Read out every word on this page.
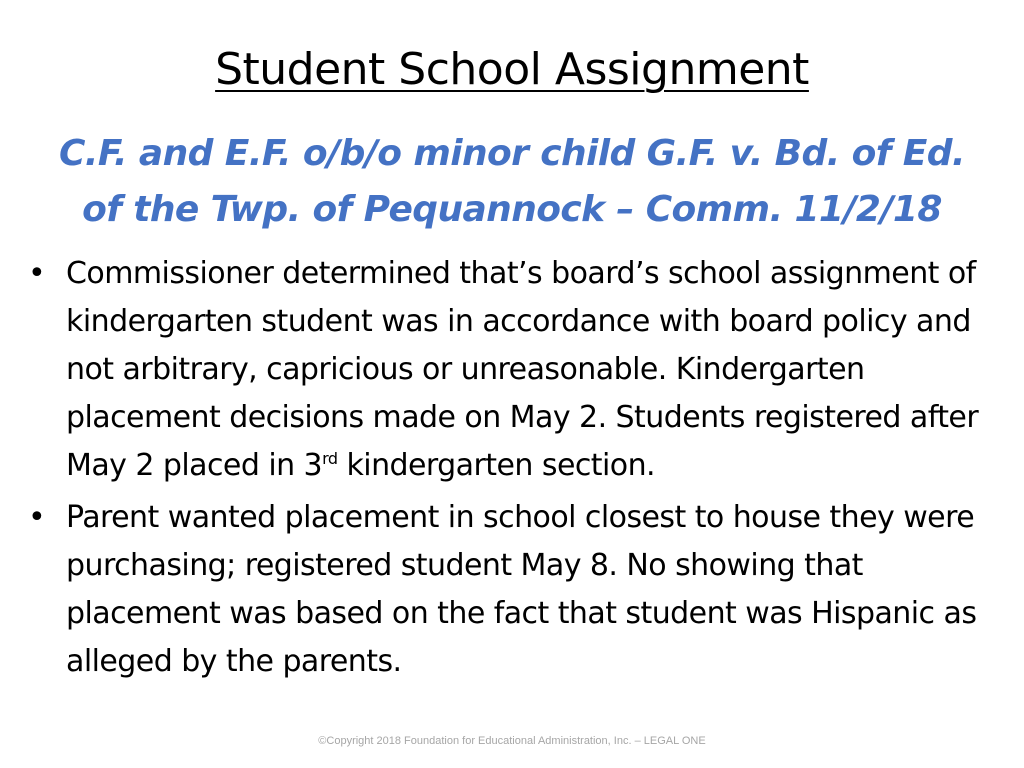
Student School Assignment
C.F. and E.F. o/b/o minor child G.F. v. Bd. of Ed.
of the Twp. of Pequannock – Comm. 11/2/18
• Commissioner determined that’s board’s school assignment of kindergarten student was in accordance with board policy and not arbitrary, capricious or unreasonable. Kindergarten placement decisions made on May 2. Students registered after May 2 placed in 3rd kindergarten section.
• Parent wanted placement in school closest to house they were purchasing; registered student May 8. No showing that placement was based on the fact that student was Hispanic as alleged by the parents.
©Copyright 2018 Foundation for Educational Administration, Inc. – LEGAL ONE
